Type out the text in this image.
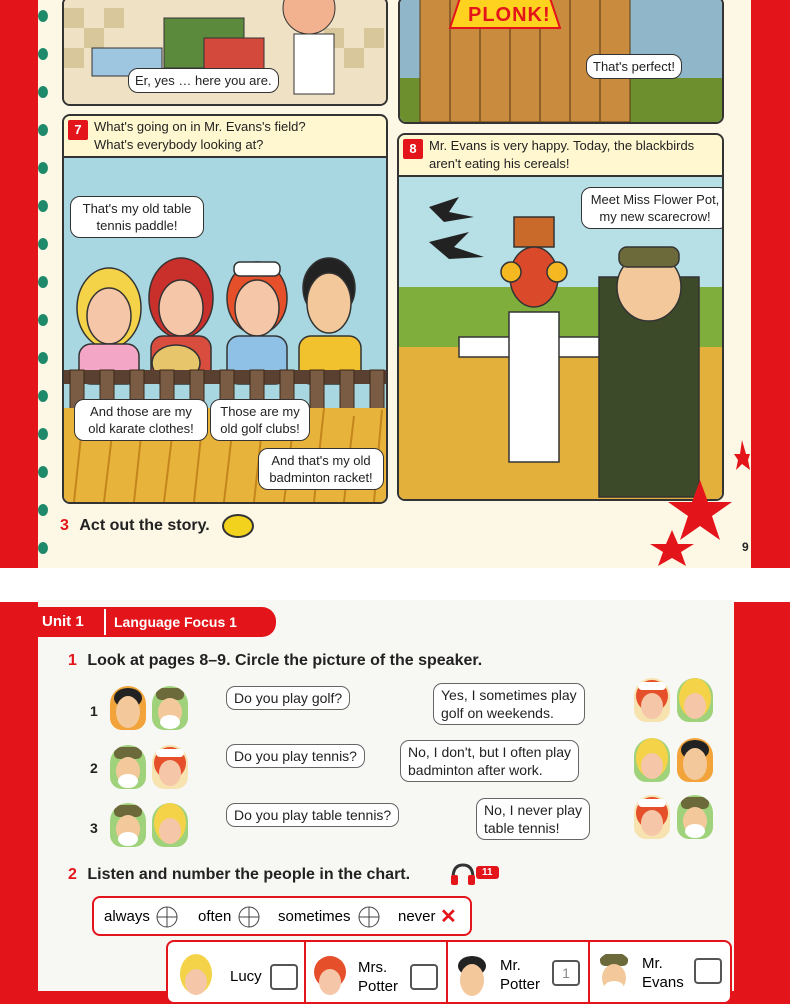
Er, yes … here you are.
PLONK!
That's perfect!
7 What's going on in Mr. Evans's field?
What's everybody looking at?
That's my old table
tennis paddle!
And those are my
old karate clothes!
Those are my
old golf clubs!
And that's my old
badminton racket!
8 Mr. Evans is very happy. Today, the blackbirds
aren't eating his cereals!
Meet Miss Flower Pot,
my new scarecrow!
3 Act out the story.
9
Unit 1 Language Focus 1
1 Look at pages 8–9. Circle the picture of the speaker.
1
Do you play golf?	Yes, I sometimes play
golf on weekends.
2
Do you play tennis?	No, I don't, but I often play
badminton after work.
3
Do you play table tennis?	No, I never play
table tennis!
2 Listen and number the people in the chart.	11
always	often	sometimes	never ✕
Lucy
Mrs.
Potter
Mr.
Potter
1
Mr.
Evans
